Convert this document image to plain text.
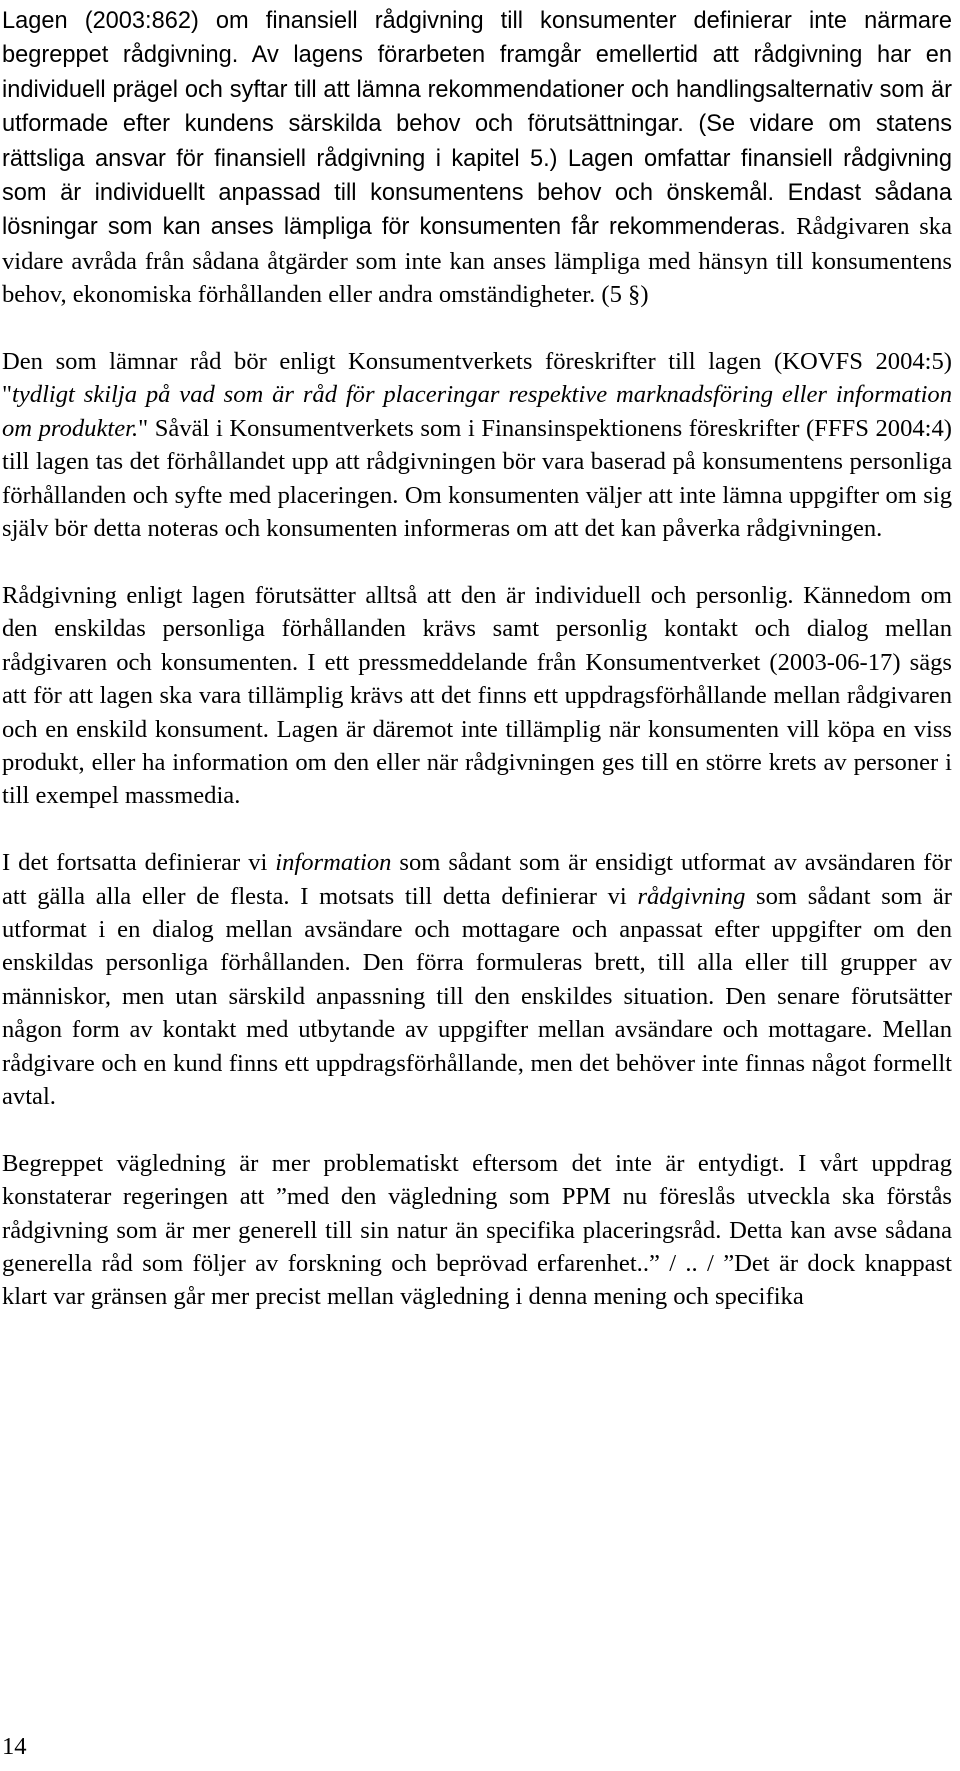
Lagen (2003:862) om finansiell rådgivning till konsumenter definierar inte närmare begreppet rådgivning. Av lagens förarbeten framgår emellertid att rådgivning har en individuell prägel och syftar till att lämna rekommendationer och handlingsalternativ som är utformade efter kundens särskilda behov och förutsättningar. (Se vidare om statens rättsliga ansvar för finansiell rådgivning i kapitel 5.) Lagen omfattar finansiell rådgivning som är individuellt anpassad till konsumentens behov och önskemål. Endast sådana lösningar som kan anses lämpliga för konsumenten får rekommenderas. Rådgivaren ska vidare avråda från sådana åtgärder som inte kan anses lämpliga med hänsyn till konsumentens behov, ekonomiska förhållanden eller andra omständigheter. (5 §)

Den som lämnar råd bör enligt Konsumentverkets föreskrifter till lagen (KOVFS 2004:5) "tydligt skilja på vad som är råd för placeringar respektive marknadsföring eller information om produkter." Såväl i Konsumentverkets som i Finansinspektionens föreskrifter (FFFS 2004:4) till lagen tas det förhållandet upp att rådgivningen bör vara baserad på konsumentens personliga förhållanden och syfte med placeringen. Om konsumenten väljer att inte lämna uppgifter om sig själv bör detta noteras och konsumenten informeras om att det kan påverka rådgivningen.

Rådgivning enligt lagen förutsätter alltså att den är individuell och personlig. Kännedom om den enskildas personliga förhållanden krävs samt personlig kontakt och dialog mellan rådgivaren och konsumenten. I ett pressmeddelande från Konsumentverket (2003-06-17) sägs att för att lagen ska vara tillämplig krävs att det finns ett uppdragsförhållande mellan rådgivaren och en enskild konsument. Lagen är däremot inte tillämplig när konsumenten vill köpa en viss produkt, eller ha information om den eller när rådgivningen ges till en större krets av personer i till exempel massmedia.

I det fortsatta definierar vi information som sådant som är ensidigt utformat av avsändaren för att gälla alla eller de flesta. I motsats till detta definierar vi rådgivning som sådant som är utformat i en dialog mellan avsändare och mottagare och anpassat efter uppgifter om den enskildas personliga förhållanden. Den förra formuleras brett, till alla eller till grupper av människor, men utan särskild anpassning till den enskildes situation. Den senare förutsätter någon form av kontakt med utbytande av uppgifter mellan avsändare och mottagare. Mellan rådgivare och en kund finns ett uppdragsförhållande, men det behöver inte finnas något formellt avtal.

Begreppet vägledning är mer problematiskt eftersom det inte är entydigt. I vårt uppdrag konstaterar regeringen att ”med den vägledning som PPM nu föreslås utveckla ska förstås rådgivning som är mer generell till sin natur än specifika placeringsråd. Detta kan avse sådana generella råd som följer av forskning och beprövad erfarenhet..” / .. / ”Det är dock knappast klart var gränsen går mer precist mellan vägledning i denna mening och specifika

14
